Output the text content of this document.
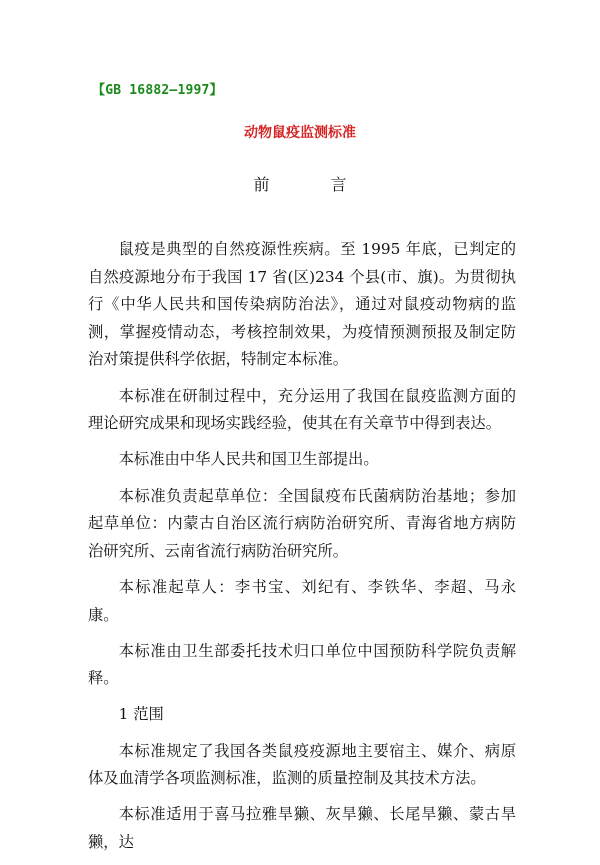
【GB 16882—1997】
动物鼠疫监测标准
前 言

鼠疫是典型的自然疫源性疾病。至 1995 年底，已判定的自然疫源地分布于我国 17 省(区)234 个县(市、旗)。为贯彻执行《中华人民共和国传染病防治法》，通过对鼠疫动物病的监测，掌握疫情动态，考核控制效果，为疫情预测预报及制定防治对策提供科学依据，特制定本标准。

本标准在研制过程中，充分运用了我国在鼠疫监测方面的理论研究成果和现场实践经验，使其在有关章节中得到表达。

本标准由中华人民共和国卫生部提出。

本标准负责起草单位：全国鼠疫布氏菌病防治基地；参加起草单位：内蒙古自治区流行病防治研究所、青海省地方病防治研究所、云南省流行病防治研究所。

本标准起草人：李书宝、刘纪有、李铁华、李超、马永康。

本标准由卫生部委托技术归口单位中国预防科学院负责解释。

1 范围

本标准规定了我国各类鼠疫疫源地主要宿主、媒介、病原体及血清学各项监测标准，监测的质量控制及其技术方法。

本标准适用于喜马拉雅旱獭、灰旱獭、长尾旱獭、蒙古旱獭，达
